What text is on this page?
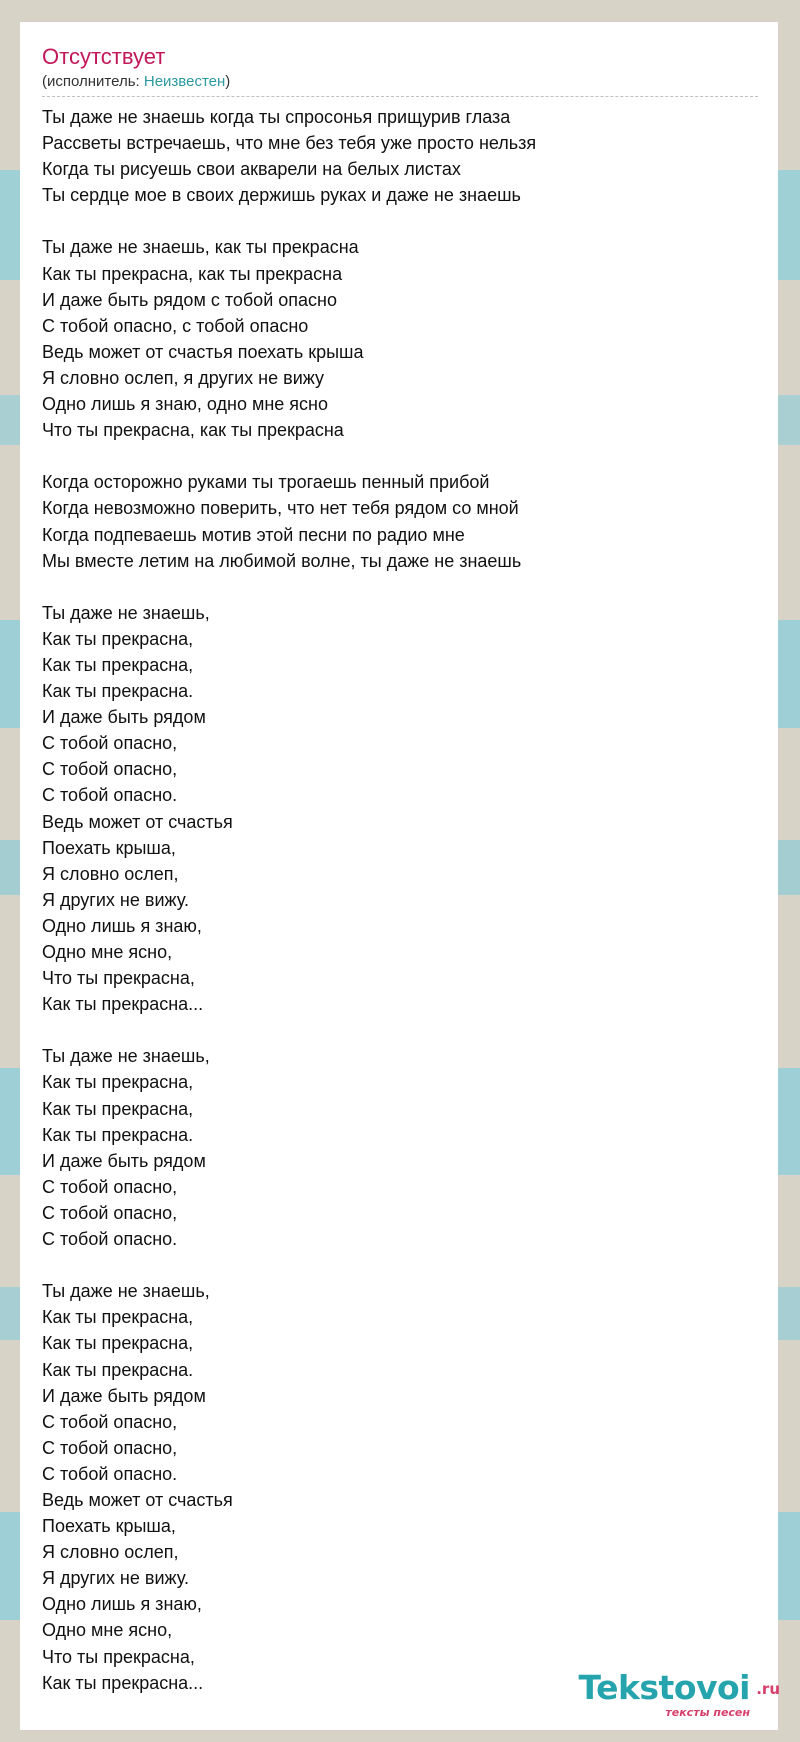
Отсутствует
(исполнитель: Неизвестен)
Ты даже не знаешь когда ты спросонья прищурив глаза
Рассветы встречаешь, что мне без тебя уже просто нельзя
Когда ты рисуешь свои акварели на белых листах
Ты сердце мое в своих держишь руках и даже не знаешь
Ты даже не знаешь, как ты прекрасна
Как ты прекрасна, как ты прекрасна
И даже быть рядом с тобой опасно
С тобой опасно, с тобой опасно
Ведь может от счастья поехать крыша
Я словно ослеп, я других не вижу
Одно лишь я знаю, одно мне ясно
Что ты прекрасна, как ты прекрасна
Когда осторожно руками ты трогаешь пенный прибой
Когда невозможно поверить, что нет тебя рядом со мной
Когда подпеваешь мотив этой песни по радио мне
Мы вместе летим на любимой волне, ты даже не знаешь
Ты даже не знаешь,
Как ты прекрасна,
Как ты прекрасна,
Как ты прекрасна.
И даже быть рядом
С тобой опасно,
С тобой опасно,
С тобой опасно.
Ведь может от счастья
Поехать крыша,
Я словно ослеп,
Я других не вижу.
Одно лишь я знаю,
Одно мне ясно,
Что ты прекрасна,
Как ты прекрасна...
Ты даже не знаешь,
Как ты прекрасна,
Как ты прекрасна,
Как ты прекрасна.
И даже быть рядом
С тобой опасно,
С тобой опасно,
С тобой опасно.
Ты даже не знаешь,
Как ты прекрасна,
Как ты прекрасна,
Как ты прекрасна.
И даже быть рядом
С тобой опасно,
С тобой опасно,
С тобой опасно.
Ведь может от счастья
Поехать крыша,
Я словно ослеп,
Я других не вижу.
Одно лишь я знаю,
Одно мне ясно,
Что ты прекрасна,
Как ты прекрасна...	Tekstovoi .ru
тексты песен
